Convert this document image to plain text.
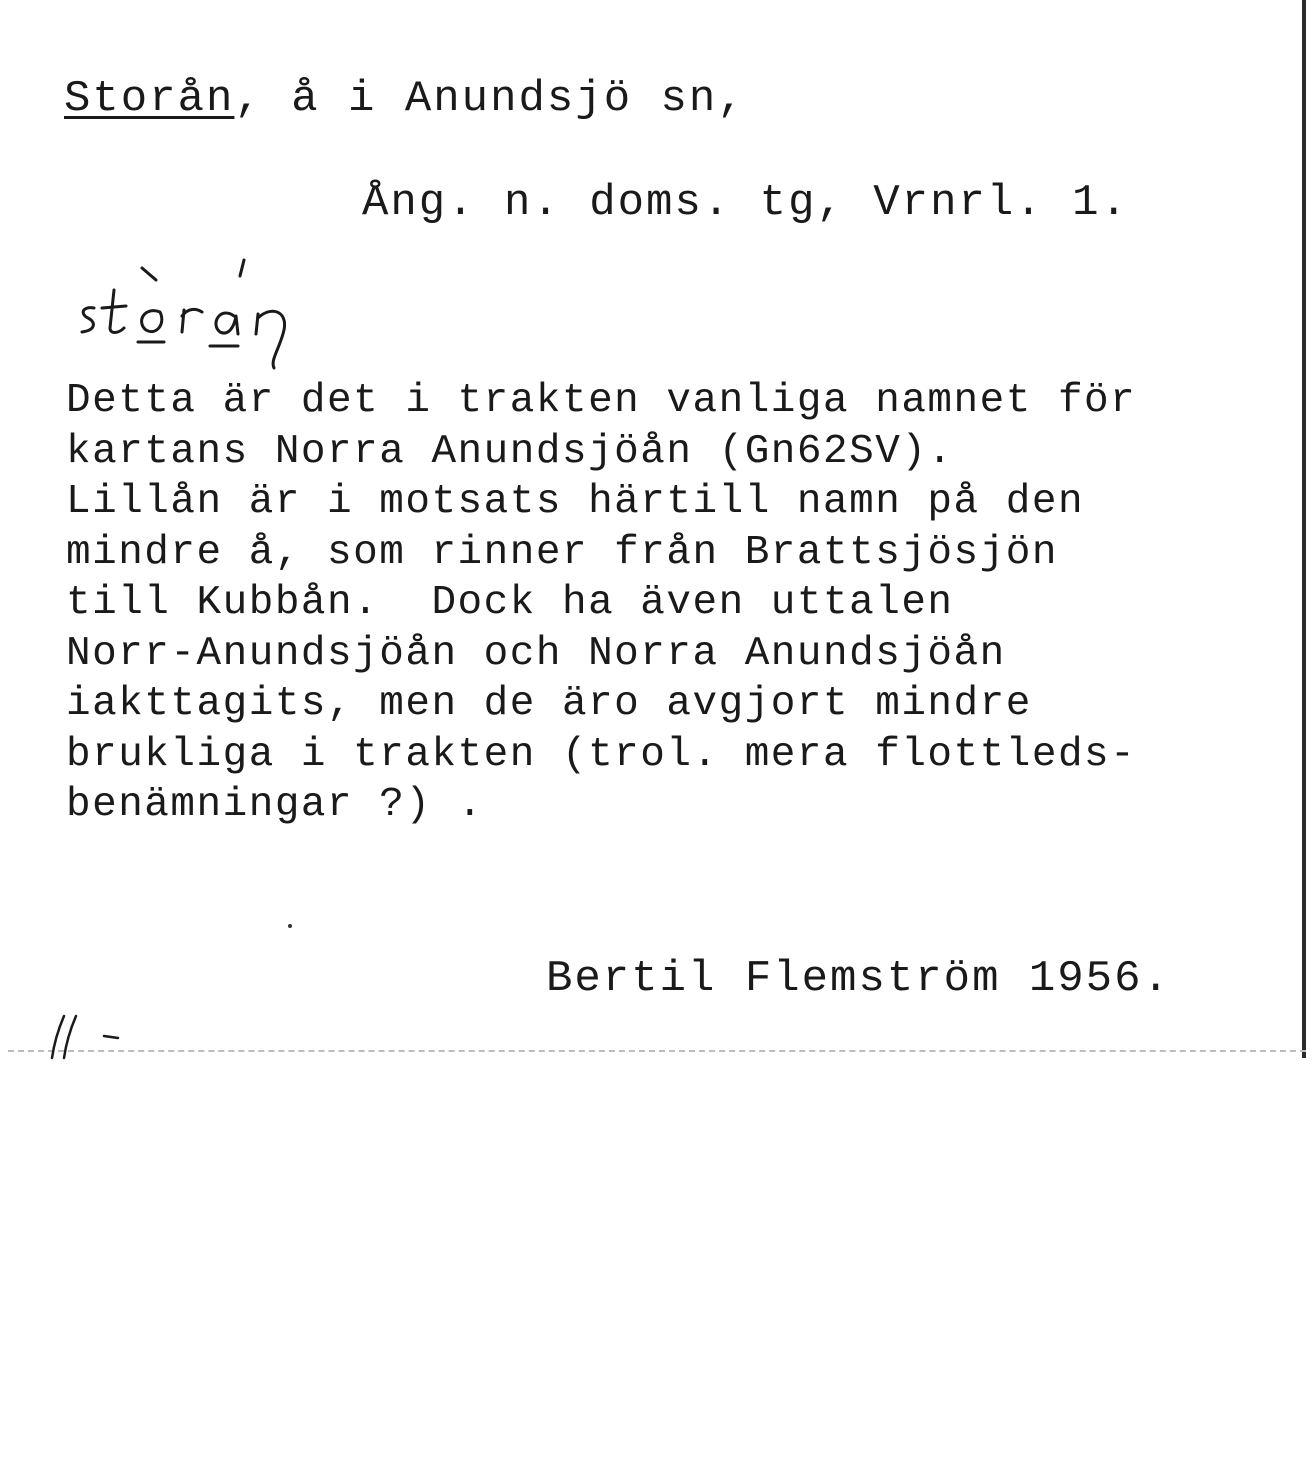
Storån, å i Anundsjö sn,
Ång. n. doms. tg, Vrnrl. 1.
Detta är det i trakten vanliga namnet för
kartans Norra Anundsjöån (Gn62SV).
Lillån är i motsats härtill namn på den
mindre å, som rinner från Brattsjösjön
till Kubbån.  Dock ha även uttalen
Norr-Anundsjöån och Norra Anundsjöån
iakttagits, men de äro avgjort mindre
brukliga i trakten (trol. mera flottleds-
benämningar ?) .
Bertil Flemström 1956.
